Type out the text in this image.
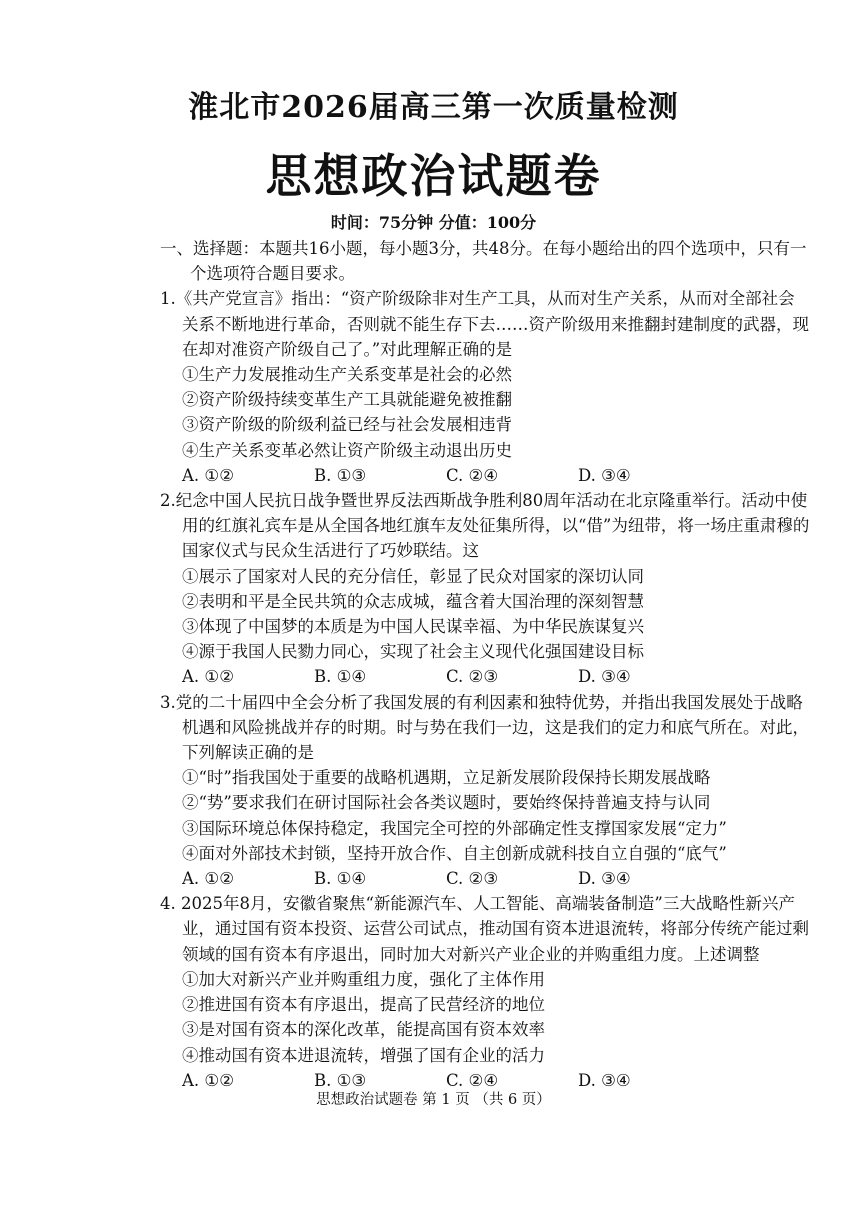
淮北市2026届高三第一次质量检测
思想政治试题卷
时间：75分钟 分值：100分
一、选择题：本题共16小题，每小题3分，共48分。在每小题给出的四个选项中，只有一个选项符合题目要求。
1.《共产党宣言》指出：“资产阶级除非对生产工具，从而对生产关系，从而对全部社会关系不断地进行革命，否则就不能生存下去……资产阶级用来推翻封建制度的武器，现在却对准资产阶级自己了。”对此理解正确的是
①生产力发展推动生产关系变革是社会的必然
②资产阶级持续变革生产工具就能避免被推翻
③资产阶级的阶级利益已经与社会发展相违背
④生产关系变革必然让资产阶级主动退出历史
A. ①②	B. ①③	C. ②④	D. ③④
2.纪念中国人民抗日战争暨世界反法西斯战争胜利80周年活动在北京隆重举行。活动中使用的红旗礼宾车是从全国各地红旗车友处征集所得，以“借”为纽带，将一场庄重肃穆的国家仪式与民众生活进行了巧妙联结。这
①展示了国家对人民的充分信任，彰显了民众对国家的深切认同
②表明和平是全民共筑的众志成城，蕴含着大国治理的深刻智慧
③体现了中国梦的本质是为中国人民谋幸福、为中华民族谋复兴
④源于我国人民勠力同心，实现了社会主义现代化强国建设目标
A. ①②	B. ①④	C. ②③	D. ③④
3.党的二十届四中全会分析了我国发展的有利因素和独特优势，并指出我国发展处于战略机遇和风险挑战并存的时期。时与势在我们一边，这是我们的定力和底气所在。对此，下列解读正确的是
①“时”指我国处于重要的战略机遇期，立足新发展阶段保持长期发展战略
②“势”要求我们在研讨国际社会各类议题时，要始终保持普遍支持与认同
③国际环境总体保持稳定，我国完全可控的外部确定性支撑国家发展“定力”
④面对外部技术封锁，坚持开放合作、自主创新成就科技自立自强的“底气”
A. ①②	B. ①④	C. ②③	D. ③④
4. 2025年8月，安徽省聚焦“新能源汽车、人工智能、高端装备制造”三大战略性新兴产业，通过国有资本投资、运营公司试点，推动国有资本进退流转，将部分传统产能过剩领域的国有资本有序退出，同时加大对新兴产业企业的并购重组力度。上述调整
①加大对新兴产业并购重组力度，强化了主体作用
②推进国有资本有序退出，提高了民营经济的地位
③是对国有资本的深化改革，能提高国有资本效率
④推动国有资本进退流转，增强了国有企业的活力
A. ①②	B. ①③	C. ②④	D. ③④
思想政治试题卷 第 1 页 （共 6 页）
